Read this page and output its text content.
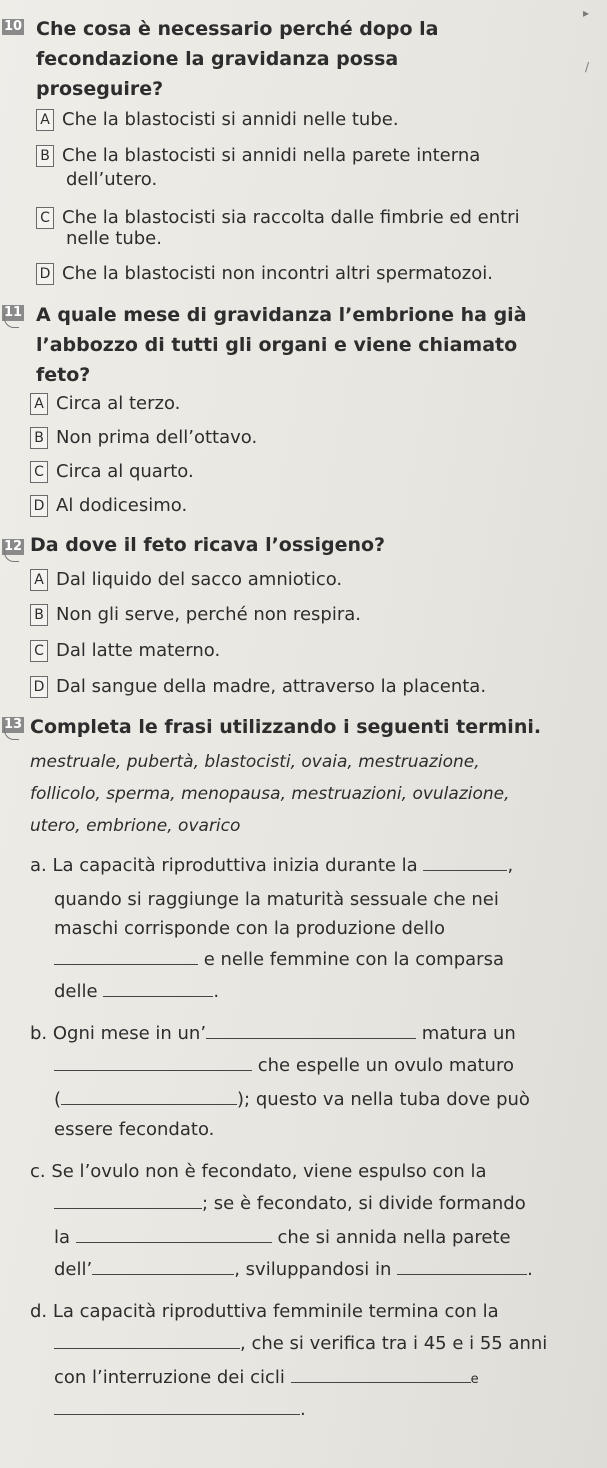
▸
/
10 Che cosa è necessario perché dopo la
fecondazione la gravidanza possa
proseguire?
A Che la blastocisti si annidi nelle tube.
B Che la blastocisti si annidi nella parete interna
dell’utero.
C Che la blastocisti sia raccolta dalle fimbrie ed entri
nelle tube.
D Che la blastocisti non incontri altri spermatozoi.
11 A quale mese di gravidanza l’embrione ha già
l’abbozzo di tutti gli organi e viene chiamato
feto?
A Circa al terzo.
B Non prima dell’ottavo.
C Circa al quarto.
D Al dodicesimo.
12 Da dove il feto ricava l’ossigeno?
A Dal liquido del sacco amniotico.
B Non gli serve, perché non respira.
C Dal latte materno.
D Dal sangue della madre, attraverso la placenta.
13 Completa le frasi utilizzando i seguenti termini.
mestruale, pubertà, blastocisti, ovaia, mestruazione,
follicolo, sperma, menopausa, mestruazioni, ovulazione,
utero, embrione, ovarico
a. La capacità riproduttiva inizia durante la	,
quando si raggiunge la maturità sessuale che nei
maschi corrisponde con la produzione dello
e nelle femmine con la comparsa
delle	.
b. Ogni mese in un’	matura un
che espelle un ovulo maturo
(	); questo va nella tuba dove può
essere fecondato.
c. Se l’ovulo non è fecondato, viene espulso con la
; se è fecondato, si divide formando
la	che si annida nella parete
dell’	, sviluppandosi in	.
d. La capacità riproduttiva femminile termina con la
, che si verifica tra i 45 e i 55 anni
con l’interruzione dei cicli	e
.
